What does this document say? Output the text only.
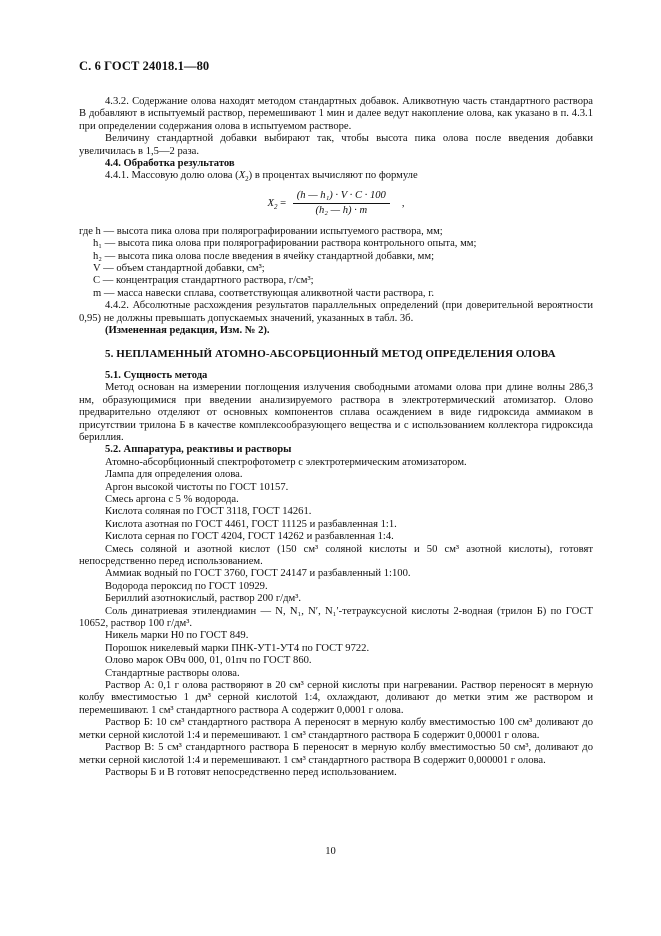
С. 6 ГОСТ 24018.1—80

4.3.2. Содержание олова находят методом стандартных добавок. Аликвотную часть стандартного раствора В добавляют в испытуемый раствор, перемешивают 1 мин и далее ведут накопление олова, как указано в п. 4.3.1 при определении содержания олова в испытуемом растворе.

Величину стандартной добавки выбирают так, чтобы высота пика олова после введения добавки увеличилась в 1,5—2 раза.

4.4. Обработка результатов

4.4.1. Массовую долю олова $(X_2)$ в процентах вычисляют по формуле

$X_2 = \frac{\text{(h — h₁) · V · C · 100}}{\text{(h₂ — h) · m}}$ ,

где h — высота пика олова при полярографировании испытуемого раствора, мм;

h₁ — высота пика олова при полярографировании раствора контрольного опыта, мм;

h₂ — высота пика олова после введения в ячейку стандартной добавки, мм;

V — объем стандартной добавки, см³;

C — концентрация стандартного раствора, г/см³;

m — масса навески сплава, соответствующая аликвотной части раствора, г.

4.4.2. Абсолютные расхождения результатов параллельных определений (при доверительной вероятности 0,95) не должны превышать допускаемых значений, указанных в табл. 3б.

(Измененная редакция, Изм. № 2).

5. НЕПЛАМЕННЫЙ АТОМНО-АБСОРБЦИОННЫЙ МЕТОД ОПРЕДЕЛЕНИЯ ОЛОВА

5.1. Сущность метода

Метод основан на измерении поглощения излучения свободными атомами олова при длине волны 286,3 нм, образующимися при введении анализируемого раствора в электротермический атомизатор. Олово предварительно отделяют от основных компонентов сплава осаждением в виде гидроксида аммиаком в присутствии трилона Б в качестве комплексообразующего вещества и с использованием коллектора гидроксида бериллия.

5.2. Аппаратура, реактивы и растворы

Атомно-абсорбционный спектрофотометр с электротермическим атомизатором.

Лампа для определения олова.

Аргон высокой чистоты по ГОСТ 10157.

Смесь аргона с 5 % водорода.

Кислота соляная по ГОСТ 3118, ГОСТ 14261.

Кислота азотная по ГОСТ 4461, ГОСТ 11125 и разбавленная 1:1.

Кислота серная по ГОСТ 4204, ГОСТ 14262 и разбавленная 1:4.

Смесь соляной и азотной кислот (150 см³ соляной кислоты и 50 см³ азотной кислоты), готовят непосредственно перед использованием.

Аммиак водный по ГОСТ 3760, ГОСТ 24147 и разбавленный 1:100.

Водорода пероксид по ГОСТ 10929.

Бериллий азотнокислый, раствор 200 г/дм³.

Соль динатриевая этилендиамин — N, N₁, N′, N₁′-тетрауксусной кислоты 2-водная (трилон Б) по ГОСТ 10652, раствор 100 г/дм³.

Никель марки Н0 по ГОСТ 849.

Порошок никелевый марки ПНК-УТ1-УТ4 по ГОСТ 9722.

Олово марок ОВч 000, 01, 01пч по ГОСТ 860.

Стандартные растворы олова.

Раствор А: 0,1 г олова растворяют в 20 см³ серной кислоты при нагревании. Раствор переносят в мерную колбу вместимостью 1 дм³ серной кислотой 1:4, охлаждают, доливают до метки этим же раствором и перемешивают. 1 см³ стандартного раствора А содержит 0,0001 г олова.

Раствор Б: 10 см³ стандартного раствора А переносят в мерную колбу вместимостью 100 см³ доливают до метки серной кислотой 1:4 и перемешивают. 1 см³ стандартного раствора Б содержит 0,00001 г олова.

Раствор В: 5 см³ стандартного раствора Б переносят в мерную колбу вместимостью 50 см³, доливают до метки серной кислотой 1:4 и перемешивают. 1 см³ стандартного раствора В содержит 0,000001 г олова.

Растворы Б и В готовят непосредственно перед использованием.

10
